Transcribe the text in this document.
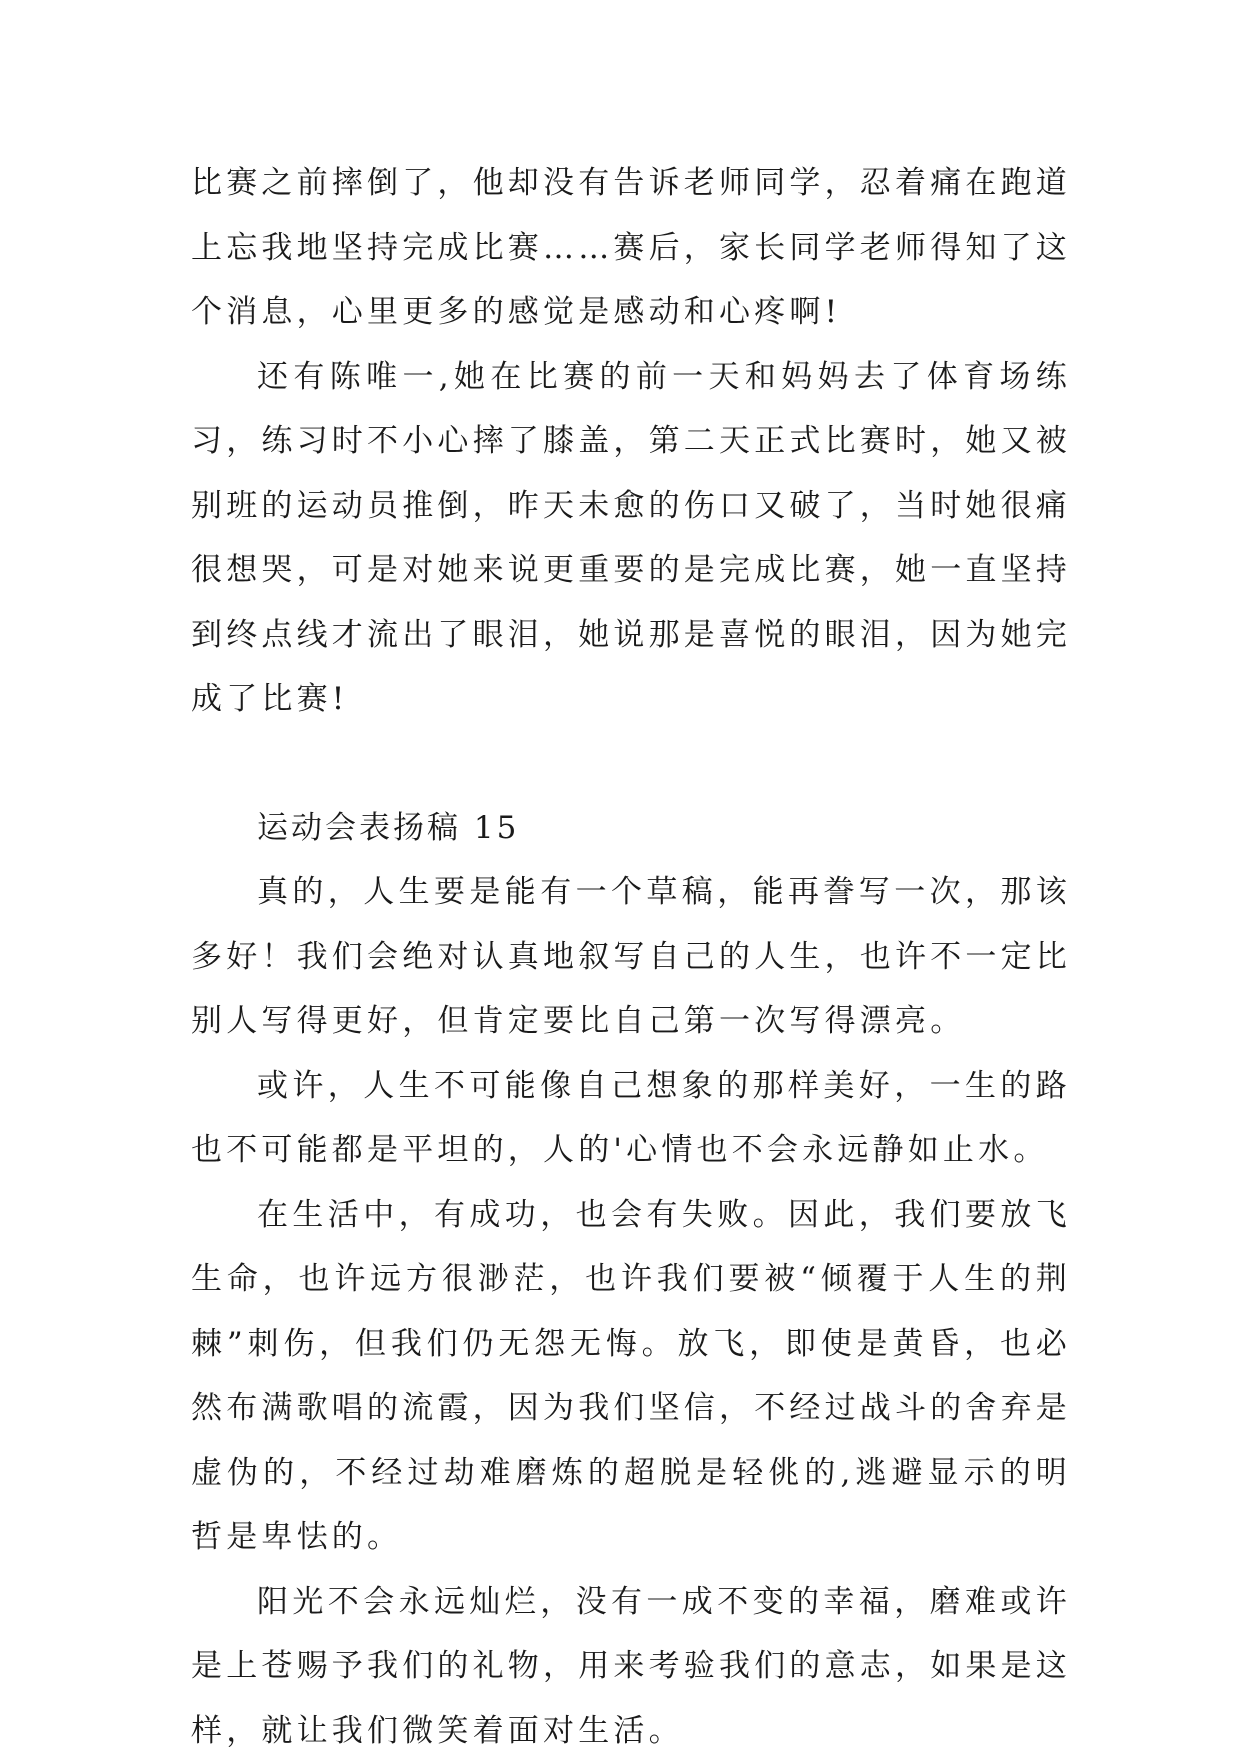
比赛之前摔倒了，他却没有告诉老师同学，忍着痛在跑道上忘我地坚持完成比赛……赛后，家长同学老师得知了这个消息，心里更多的感觉是感动和心疼啊!

还有陈唯一,她在比赛的前一天和妈妈去了体育场练习，练习时不小心摔了膝盖，第二天正式比赛时，她又被别班的运动员推倒，昨天未愈的伤口又破了，当时她很痛很想哭，可是对她来说更重要的是完成比赛，她一直坚持到终点线才流出了眼泪，她说那是喜悦的眼泪，因为她完成了比赛!

运动会表扬稿 15

真的，人生要是能有一个草稿，能再誊写一次，那该多好！我们会绝对认真地叙写自己的人生，也许不一定比别人写得更好，但肯定要比自己第一次写得漂亮。

或许，人生不可能像自己想象的那样美好，一生的路也不可能都是平坦的，人的'心情也不会永远静如止水。

在生活中，有成功，也会有失败。因此，我们要放飞生命，也许远方很渺茫，也许我们要被“倾覆于人生的荆棘”刺伤，但我们仍无怨无悔。放飞，即使是黄昏，也必然布满歌唱的流霞，因为我们坚信，不经过战斗的舍弃是虚伪的，不经过劫难磨炼的超脱是轻佻的,逃避显示的明哲是卑怯的。

阳光不会永远灿烂，没有一成不变的幸福，磨难或许是上苍赐予我们的礼物，用来考验我们的意志，如果是这样，就让我们微笑着面对生活。
